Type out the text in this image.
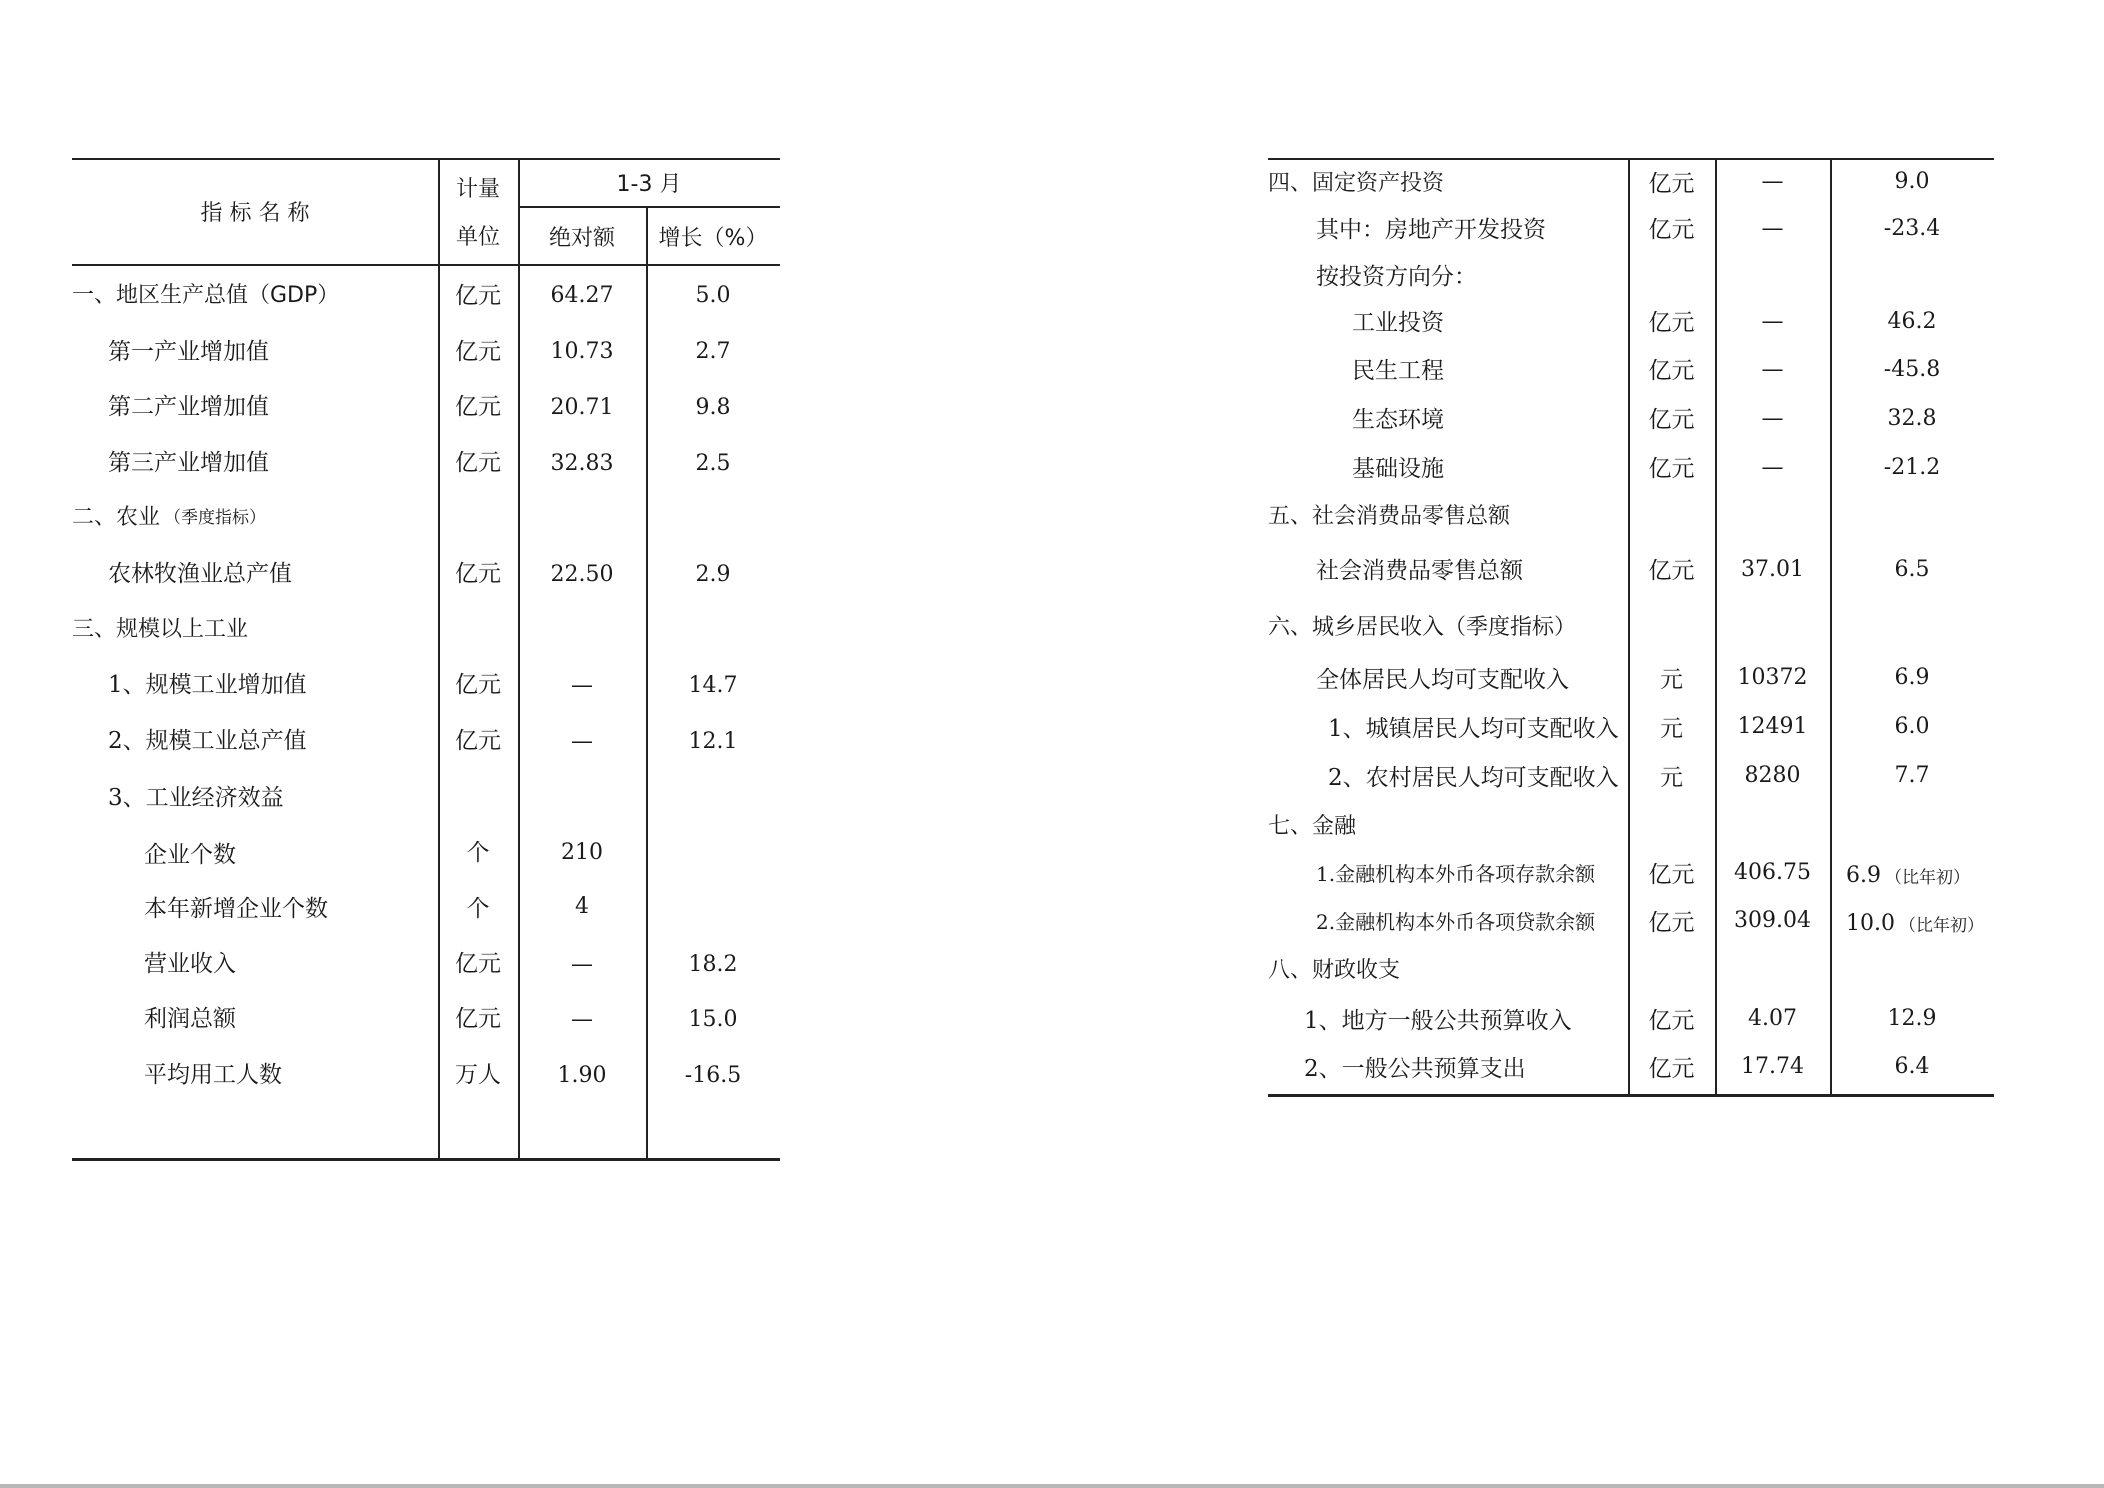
指 标 名 称
计量
单位
1-3 月
绝对额	增长（%）
一、地区生产总值（GDP）	亿元	64.27	5.0
第一产业增加值	亿元	10.73	2.7
第二产业增加值	亿元	20.71	9.8
第三产业增加值	亿元	32.83	2.5
二、农业 （季度指标）
农林牧渔业总产值	亿元	22.50	2.9
三、规模以上工业
1、规模工业增加值	亿元	—	14.7
2、规模工业总产值	亿元	—	12.1
3、工业经济效益
企业个数	个	210
本年新增企业个数	个	4
营业收入	亿元	—	18.2
利润总额	亿元	—	15.0
平均用工人数	万人	1.90	-16.5
四、固定资产投资	亿元	—	9.0
其中：房地产开发投资	亿元	—	-23.4
按投资方向分：
工业投资	亿元	—	46.2
民生工程	亿元	—	-45.8
生态环境	亿元	—	32.8
基础设施	亿元	—	-21.2
五、社会消费品零售总额
社会消费品零售总额	亿元	37.01	6.5
六、城乡居民收入（季度指标）
全体居民人均可支配收入	元	10372	6.9
1、城镇居民人均可支配收入	元	12491	6.0
2、农村居民人均可支配收入	元	8280	7.7
七、金融
1.金融机构本外币各项存款余额	亿元	406.75	6.9 （比年初）
2.金融机构本外币各项贷款余额	亿元	309.04	10.0 （比年初）
八、财政收支
1、地方一般公共预算收入	亿元	4.07	12.9
2、一般公共预算支出	亿元	17.74	6.4
